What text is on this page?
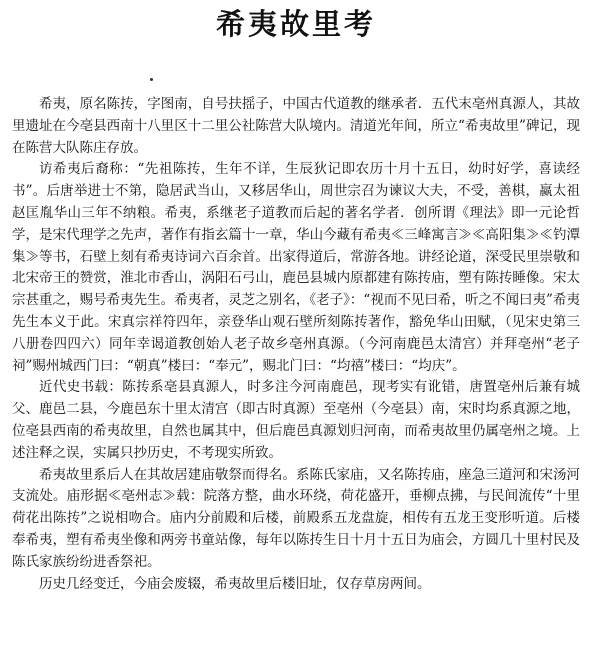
希夷故里考

希夷，原名陈抟，字图南，自号扶摇子，中国古代道教的继承者．五代末亳州真源人，其故里遗址在今亳县西南十八里区十二里公社陈营大队境内。清道光年间，所立“希夷故里”碑记，现在陈营大队陈庄存放。

访希夷后裔称：“先祖陈抟，生年不详，生辰狄记即农历十月十五日，幼时好学，喜读经书”。后唐举进士不第，隐居武当山，又移居华山，周世宗召为谏议大夫，不受，善棋，赢太祖赵匡胤华山三年不纳粮。希夷，系继老子道教而后起的著名学者．创所谓《理法》即一元论哲学，是宋代理学之先声，著作有指玄篇十一章，华山今藏有希夷≪三峰寓言≫≪高阳集≫≪钓潭集≫等书，石壁上刻有希夷诗词六百余首。出家得道后，常游各地。讲经论道，深受民里崇敬和北宋帝王的赞赏，淮北市香山，涡阳石弓山，鹿邑县城内原都建有陈抟庙，塑有陈抟睡像。宋太宗甚重之，赐号希夷先生。希夷者，灵芝之别名，《老子》：“视而不见曰希，听之不闻曰夷”希夷先生本义于此。宋真宗祥符四年，亲登华山观石壁所刻陈抟著作，豁免华山田赋，（见宋史第三八册卷四四六）同年幸谒道教创始人老子故乡亳州真源。（今河南鹿邑太清宫）并拜亳州“老子祠”赐州城西门曰：“朝真”楼曰：“奉元”，赐北门曰：“均禧”楼曰：“均庆”。

近代史书载：陈抟系亳县真源人，时多注今河南鹿邑，现考实有讹错，唐置亳州后兼有城父、鹿邑二县，今鹿邑东十里太清宫（即古时真源）至亳州（今亳县）南，宋时均系真源之地，位亳县西南的希夷故里，自然也属其中，但后鹿邑真源划归河南，而希夷故里仍属亳州之境。上述注释之误，实属只抄历史，不考现实所致。

希夷故里系后人在其故居建庙敬祭而得名。系陈氏家庙，又名陈抟庙，座急三道河和宋汤河支流处。庙形据≪亳州志≫载：院落方整，曲水环绕，荷花盛开，垂柳点拂，与民间流传“十里荷花出陈抟”之说相吻合。庙内分前殿和后楼，前殿系五龙盘旋，相传有五龙王变形听道。后楼奉希夷，塑有希夷坐像和两旁书童站像，每年以陈抟生日十月十五日为庙会，方圆几十里村民及陈氏家族纷纷进香祭祀。

历史几经变迁，今庙会废辍，希夷故里后楼旧址，仅存草房两间。
